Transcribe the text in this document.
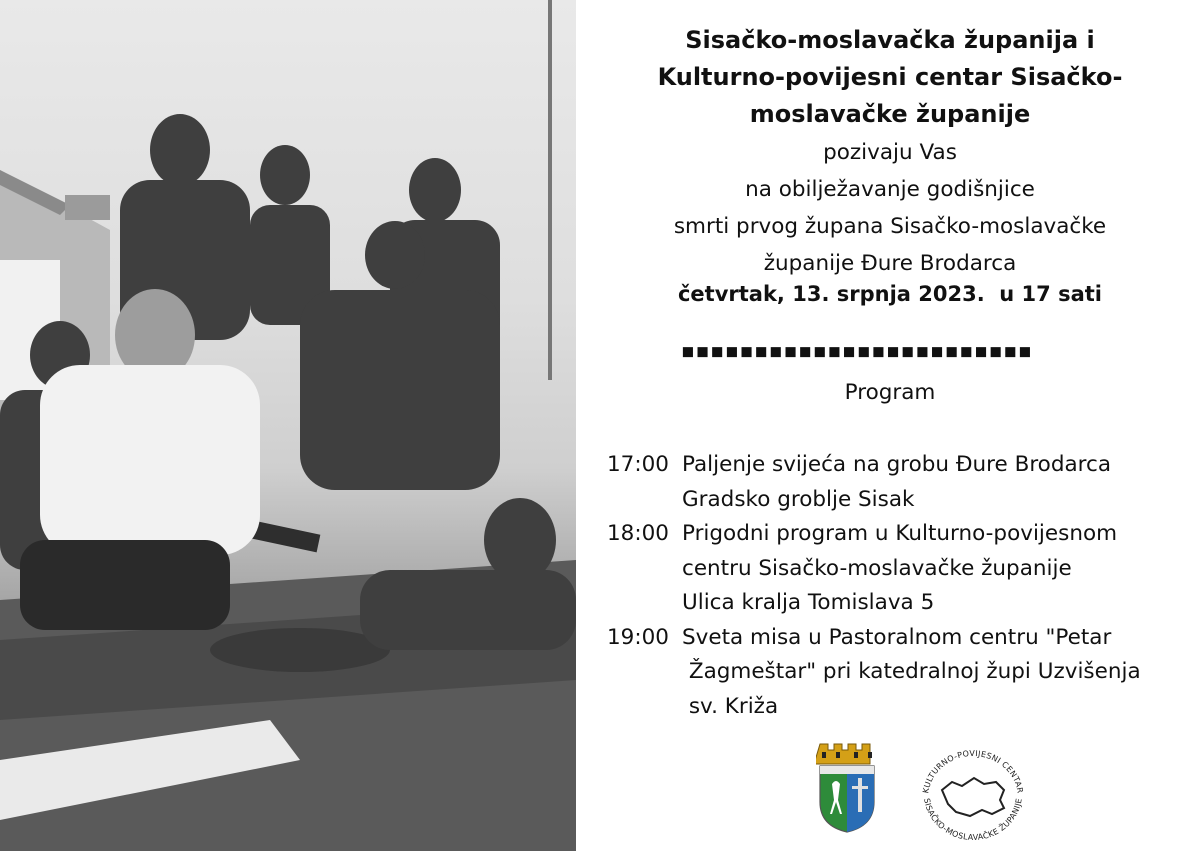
Sisačko-moslavačka županija i
Kulturno-povijesni centar Sisačko-
moslavačke županije
pozivaju Vas
na obilježavanje godišnjice
smrti prvog župana Sisačko-moslavačke
županije Đure Brodarca
četvrtak, 13. srpnja 2023.  u 17 sati
▪▪▪▪▪▪▪▪▪▪▪▪▪▪▪▪▪▪▪▪▪▪▪▪
Program
17:00 Paljenje svijeća na grobu Đure Brodarca
Gradsko groblje Sisak
18:00 Prigodni program u Kulturno-povijesnom
centru Sisačko-moslavačke županije
Ulica kralja Tomislava 5
19:00 Sveta misa u Pastoralnom centru "Petar
Žagmeštar" pri katedralnoj župi Uzvišenja
sv. Križa
KULTURNO-POVIJESNI CENTAR
SISAČKO-MOSLAVAČKE ŽUPANIJE
